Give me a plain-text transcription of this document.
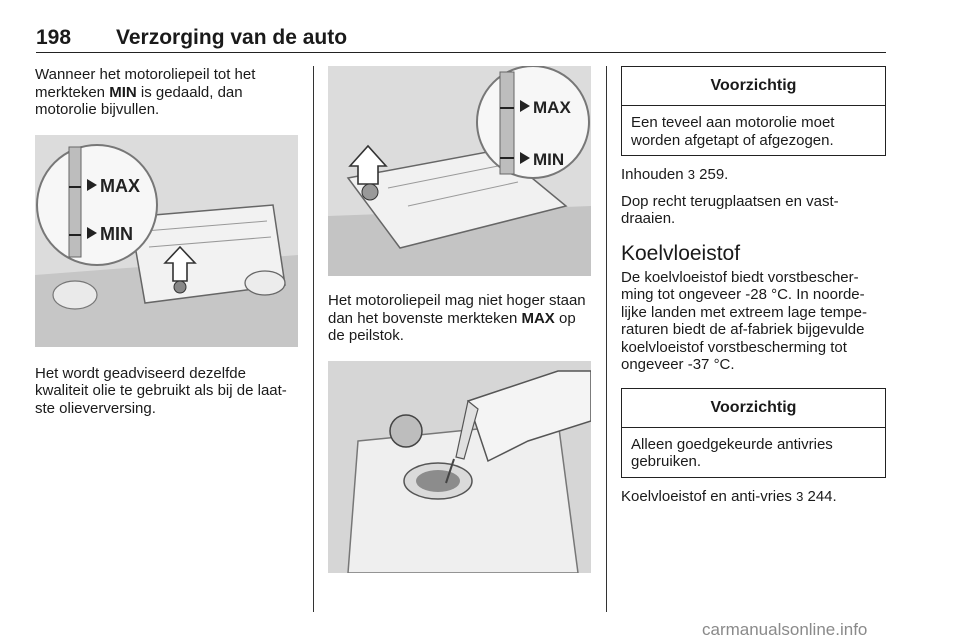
198 Verzorging van de auto

Wanneer het motoroliepeil tot het merkteken MIN is gedaald, dan motorolie bijvullen.

MAX
MIN

Het wordt geadviseerd dezelfde kwaliteit olie te gebruikt als bij de laat-ste olieverversing.

MAX
MIN

Het motoroliepeil mag niet hoger staan dan het bovenste merkteken MAX op de peilstok.

Voorzichtig
Een teveel aan motorolie moet worden afgetapt of afgezogen.

Inhouden 3 259.

Dop recht terugplaatsen en vast-draaien.

Koelvloeistof

De koelvloeistof biedt vorstbescher-ming tot ongeveer -28 °C. In noorde-lijke landen met extreem lage tempe-raturen biedt de af-fabriek bijgevulde koelvloeistof vorstbescherming tot ongeveer -37 °C.

Voorzichtig
Alleen goedgekeurde antivries gebruiken.

Koelvloeistof en anti-vries 3 244.

carmanualsonline.info
